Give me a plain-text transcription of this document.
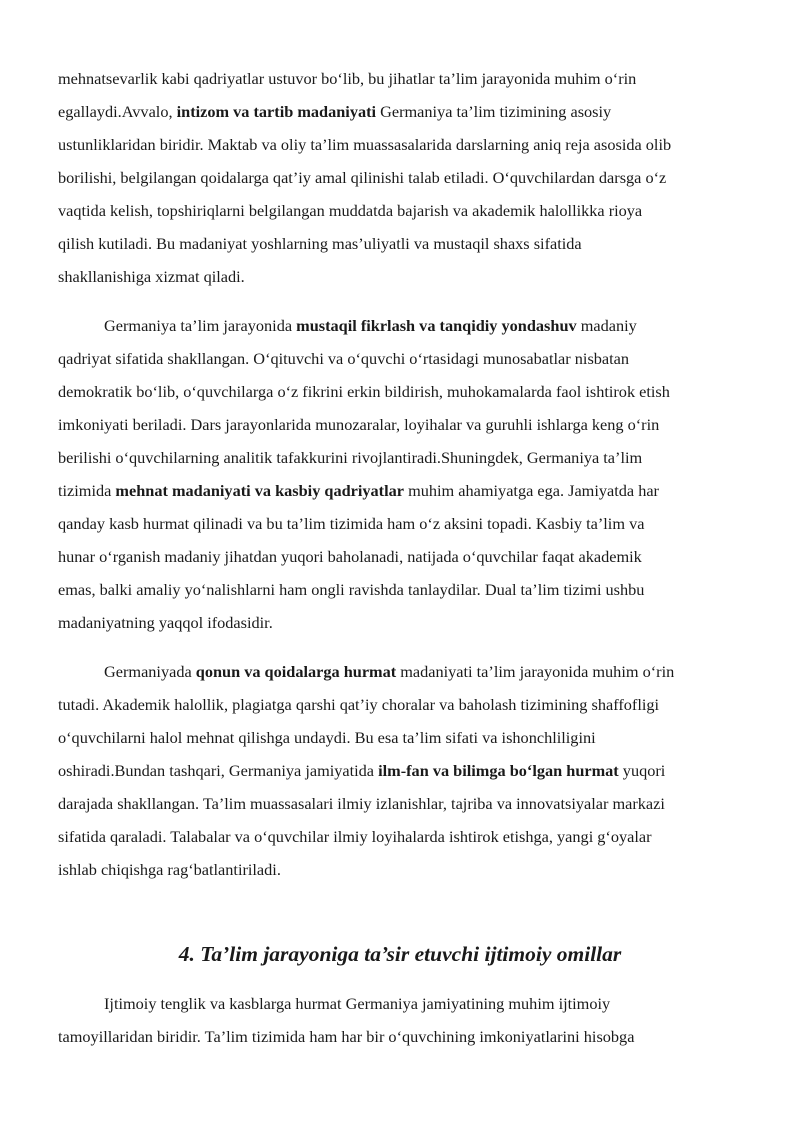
mehnatsevarlik kabi qadriyatlar ustuvor bo‘lib, bu jihatlar ta’lim jarayonida muhim o‘rin
egallaydi.Avvalo, intizom va tartib madaniyati Germaniya ta’lim tizimining asosiy
ustunliklaridan biridir. Maktab va oliy ta’lim muassasalarida darslarning aniq reja asosida olib
borilishi, belgilangan qoidalarga qat’iy amal qilinishi talab etiladi. O‘quvchilardan darsga o‘z
vaqtida kelish, topshiriqlarni belgilangan muddatda bajarish va akademik halollikka rioya
qilish kutiladi. Bu madaniyat yoshlarning mas’uliyatli va mustaqil shaxs sifatida
shakllanishiga xizmat qiladi.
Germaniya ta’lim jarayonida mustaqil fikrlash va tanqidiy yondashuv madaniy
qadriyat sifatida shakllangan. O‘qituvchi va o‘quvchi o‘rtasidagi munosabatlar nisbatan
demokratik bo‘lib, o‘quvchilarga o‘z fikrini erkin bildirish, muhokamalarda faol ishtirok etish
imkoniyati beriladi. Dars jarayonlarida munozaralar, loyihalar va guruhli ishlarga keng o‘rin
berilishi o‘quvchilarning analitik tafakkurini rivojlantiradi.Shuningdek, Germaniya ta’lim
tizimida mehnat madaniyati va kasbiy qadriyatlar muhim ahamiyatga ega. Jamiyatda har
qanday kasb hurmat qilinadi va bu ta’lim tizimida ham o‘z aksini topadi. Kasbiy ta’lim va
hunar o‘rganish madaniy jihatdan yuqori baholanadi, natijada o‘quvchilar faqat akademik
emas, balki amaliy yo‘nalishlarni ham ongli ravishda tanlaydilar. Dual ta’lim tizimi ushbu
madaniyatning yaqqol ifodasidir.
Germaniyada qonun va qoidalarga hurmat madaniyati ta’lim jarayonida muhim o‘rin
tutadi. Akademik halollik, plagiatga qarshi qat’iy choralar va baholash tizimining shaffofligi
o‘quvchilarni halol mehnat qilishga undaydi. Bu esa ta’lim sifati va ishonchliligini
oshiradi.Bundan tashqari, Germaniya jamiyatida ilm-fan va bilimga bo‘lgan hurmat yuqori
darajada shakllangan. Ta’lim muassasalari ilmiy izlanishlar, tajriba va innovatsiyalar markazi
sifatida qaraladi. Talabalar va o‘quvchilar ilmiy loyihalarda ishtirok etishga, yangi g‘oyalar
ishlab chiqishga rag‘batlantiriladi.
4. Ta’lim jarayoniga ta’sir etuvchi ijtimoiy omillar
Ijtimoiy tenglik va kasblarga hurmat Germaniya jamiyatining muhim ijtimoiy
tamoyillaridan biridir. Ta’lim tizimida ham har bir o‘quvchining imkoniyatlarini hisobga
